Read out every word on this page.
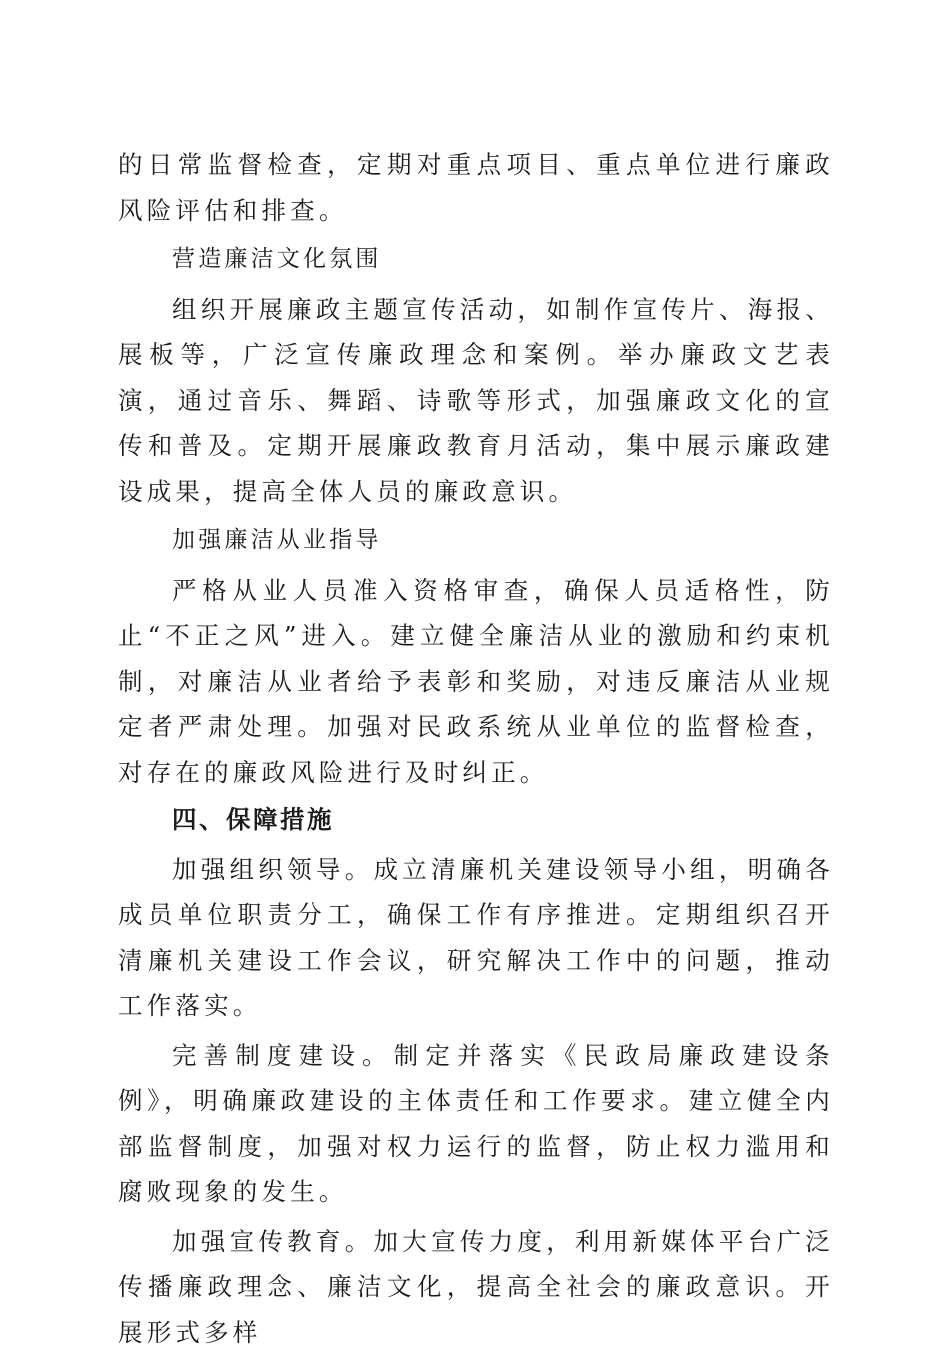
的日常监督检查，定期对重点项目、重点单位进行廉政风险评估和排查。

营造廉洁文化氛围

组织开展廉政主题宣传活动，如制作宣传片、海报、展板等，广泛宣传廉政理念和案例。举办廉政文艺表演，通过音乐、舞蹈、诗歌等形式，加强廉政文化的宣传和普及。定期开展廉政教育月活动，集中展示廉政建设成果，提高全体人员的廉政意识。

加强廉洁从业指导

严格从业人员准入资格审查，确保人员适格性，防止“不正之风”进入。建立健全廉洁从业的激励和约束机制，对廉洁从业者给予表彰和奖励，对违反廉洁从业规定者严肃处理。加强对民政系统从业单位的监督检查，对存在的廉政风险进行及时纠正。

四、保障措施

加强组织领导。成立清廉机关建设领导小组，明确各成员单位职责分工，确保工作有序推进。定期组织召开清廉机关建设工作会议，研究解决工作中的问题，推动工作落实。

完善制度建设。制定并落实《民政局廉政建设条例》，明确廉政建设的主体责任和工作要求。建立健全内部监督制度，加强对权力运行的监督，防止权力滥用和腐败现象的发生。

加强宣传教育。加大宣传力度，利用新媒体平台广泛传播廉政理念、廉洁文化，提高全社会的廉政意识。开展形式多样
